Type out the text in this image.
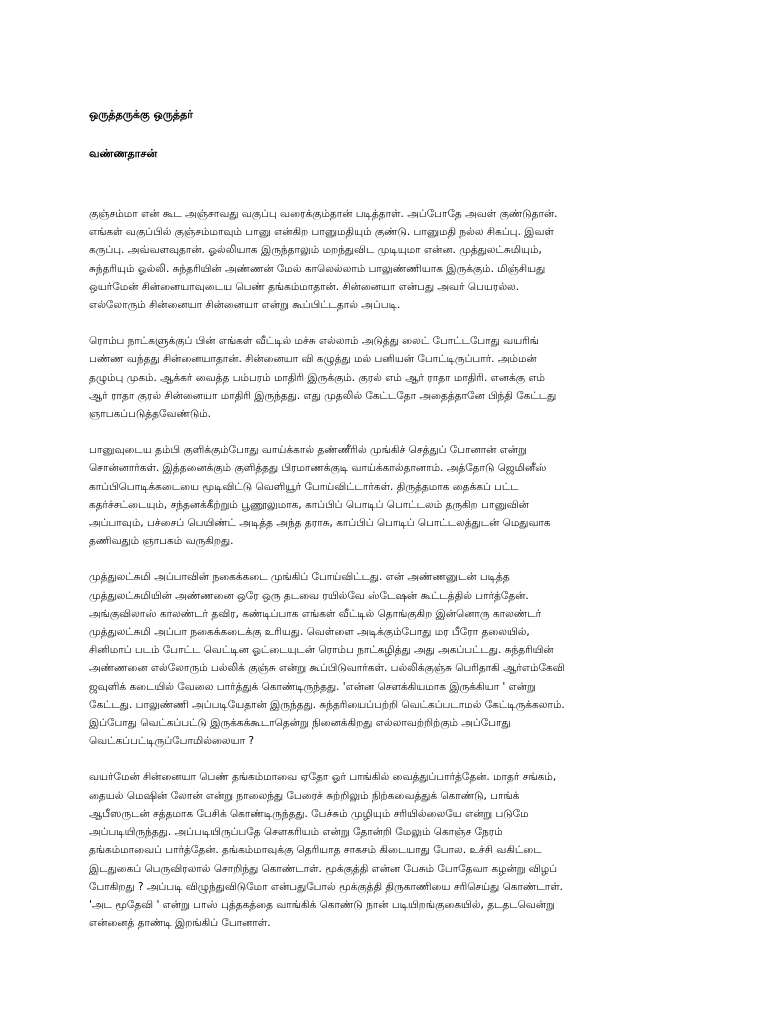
ஒருத்தருக்கு ஒருத்தர்
வண்ணதாசன்
குஞ்சம்மா என் கூட அஞ்சாவது வகுப்பு வரைக்கும்தான் படித்தாள். அப்போதே அவள் குண்டுதான்.
எங்கள் வகுப்பில் குஞ்சம்மாவும் பானு என்கிற பானுமதியும் குண்டு. பானுமதி நல்ல சிகப்பு. இவள்
கருப்பு. அவ்வளவுதான். ஓல்லியாக இருந்தாலும் மறந்துவிட முடியுமா என்ன. முத்துலட்சுமியும்,
சுந்தரியும் ஓல்லி. சுந்தரியின் அண்ணன் மேல் காலெல்லாம் பாலுண்ணியாக இருக்கும். மிஞ்சியது
ஒயர்மேன் சின்னையாவுடைய பெண் தங்கம்மாதான். சின்னையா என்பது அவர் பெயரல்ல.
எல்லோரும் சின்னையா சின்னையா என்று கூப்பிட்டதால் அப்படி.
ரொம்ப நாட்களுக்குப் பின் எங்கள் வீட்டில் மச்சு எல்லாம் அடுத்து லைட் போட்டபோது வயரிங்
பண்ண வந்தது சின்னையாதான். சின்னையா வி கழுத்து மல் பனியன் போட்டிருப்பார். அம்மன்
தழும்பு முகம். ஆக்கர் வைத்த பம்பரம் மாதிரி இருக்கும். குரல் எம் ஆர் ராதா மாதிரி. எனக்கு எம்
ஆர் ராதா குரல் சின்னையா மாதிரி இருந்தது. எது முதலில் கேட்டதோ அதைத்தானே பிந்தி கேட்டது
ஞாபகப்படுத்தவேண்டும்.
பானுவுடைய தம்பி குளிக்கும்போது வாய்க்கால் தண்ணீரில் முங்கிச் செத்துப் போனான் என்று
சொன்னார்கள். இத்தனைக்கும் குளித்தது பிரமாணக்குடி வாய்க்கால்தானாம். அத்தோடு ஜெமினீஸ்
காப்பிபொடிக்கடையை மூடிவிட்டு வெளியூர் போய்விட்டார்கள். திருத்தமாக தைக்கப் பட்ட
கதர்ச்சட்டையும், சந்தனக்கீற்றும் பூணூலுமாக, காப்பிப் பொடிப் பொட்டலம் தருகிற பானுவின்
அப்பாவும், பச்சைப் பெயிண்ட் அடித்த அந்த தராசு, காப்பிப் பொடிப் பொட்டலத்துடன் மெதுவாக
தணிவதும் ஞாபகம் வருகிறது.
முத்துலட்சுமி அப்பாவின் நகைக்கடை முங்கிப் போய்விட்டது. என் அண்ணனுடன் படித்த
முத்துலட்சுமியின் அண்ணனை ஒரே ஒரு தடவை ரயில்வே ஸ்டேஷன் கூட்டத்தில் பார்த்தேன்.
அங்குவிலாஸ் காலண்டர் தவிர, கண்டிப்பாக எங்கள் வீட்டில் தொங்குகிற இன்னொரு காலண்டர்
முத்துலட்சுமி அப்பா நகைக்கடைக்கு உரியது. வெள்ளை அடிக்கும்போது மர பீரோ தலையில்,
சினிமாப் படம் போட்ட வெட்டின ஓட்டையுடன் ரொம்ப நாட்கழித்து அது அகப்பட்டது. சுந்தரியின்
அண்ணனை எல்லோரும் பல்லிக் குஞ்சு என்று கூப்பிடுவார்கள். பல்லிக்குஞ்சு பெரிதாகி ஆர்எம்கேவி
ஜவுளிக் கடையில் வேலை பார்த்துக் கொண்டிருந்தது. 'என்ன சௌக்கியமாக இருக்கியா ' என்று
கேட்டது. பாலுண்ணி அப்படியேதான் இருந்தது. சுந்தரியைப்பற்றி வெட்கப்படாமல் கேட்டிருக்கலாம்.
இப்போது வெட்கப்பட்டு இருக்கக்கூடாதென்று நினைக்கிறது எல்லாவற்றிற்கும் அப்போது
வெட்கப்பட்டிருப்போமில்லையா ?
வயர்மேன் சின்னையா பெண் தங்கம்மாவை ஏதோ ஓர் பாங்கில் வைத்துப்பார்த்தேன். மாதர் சங்கம்,
தையல் மெஷின் லோன் என்று நாலைந்து பேரைச் சுற்றிலும் நிற்கவைத்துக் கொண்டு, பாங்க்
ஆபீஸருடன் சத்தமாக பேசிக் கொண்டிருந்தது. பேச்சும் முழியும் சரியில்லையே என்று படுமே
அப்படியிருந்தது. அப்படியிருப்பதே சௌகரியம் என்று தோன்றி மேலும் கொஞ்ச நேரம்
தங்கம்மாவைப் பார்த்தேன். தங்கம்மாவுக்கு தெரியாத சாகசம் கிடையாது போல. உச்சி வகிட்டை
இடதுகைப் பெருவிரலால் சொறிந்து கொண்டாள். மூக்குத்தி என்ன பேசும் போதேவா கழன்று விழப்
போகிறது ? அப்படி விழுந்துவிடுமோ என்பதுபோல் மூக்குத்தி திருகாணியை சரிசெய்து கொண்டாள்.
'அட மூதேவி ' என்று பாஸ் புத்தகத்தை வாங்கிக் கொண்டு நான் படியிறங்குகையில், தடதடவென்று
என்னைத் தாண்டி இறங்கிப் போனாள்.
